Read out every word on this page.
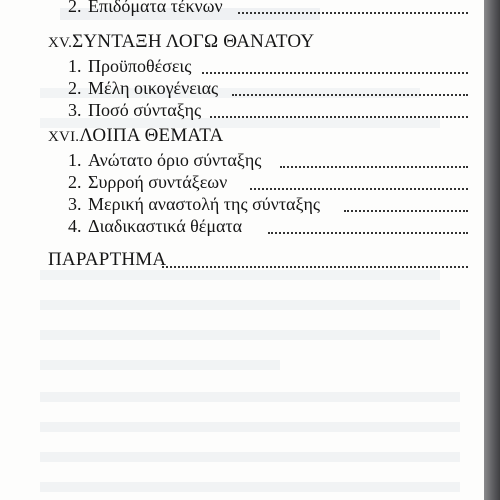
2. Επιδόματα τέκνων
XV.ΣΥΝΤΑΞΗ ΛΟΓΩ ΘΑΝΑΤΟΥ
1. Προϋποθέσεις
2. Μέλη οικογένειας
3. Ποσό σύνταξης
XVI.ΛΟΙΠΑ ΘΕΜΑΤΑ
1. Ανώτατο όριο σύνταξης
2. Συρροή συντάξεων
3. Μερική αναστολή της σύνταξης
4. Διαδικαστικά θέματα
ΠΑΡΑΡΤΗΜΑ
